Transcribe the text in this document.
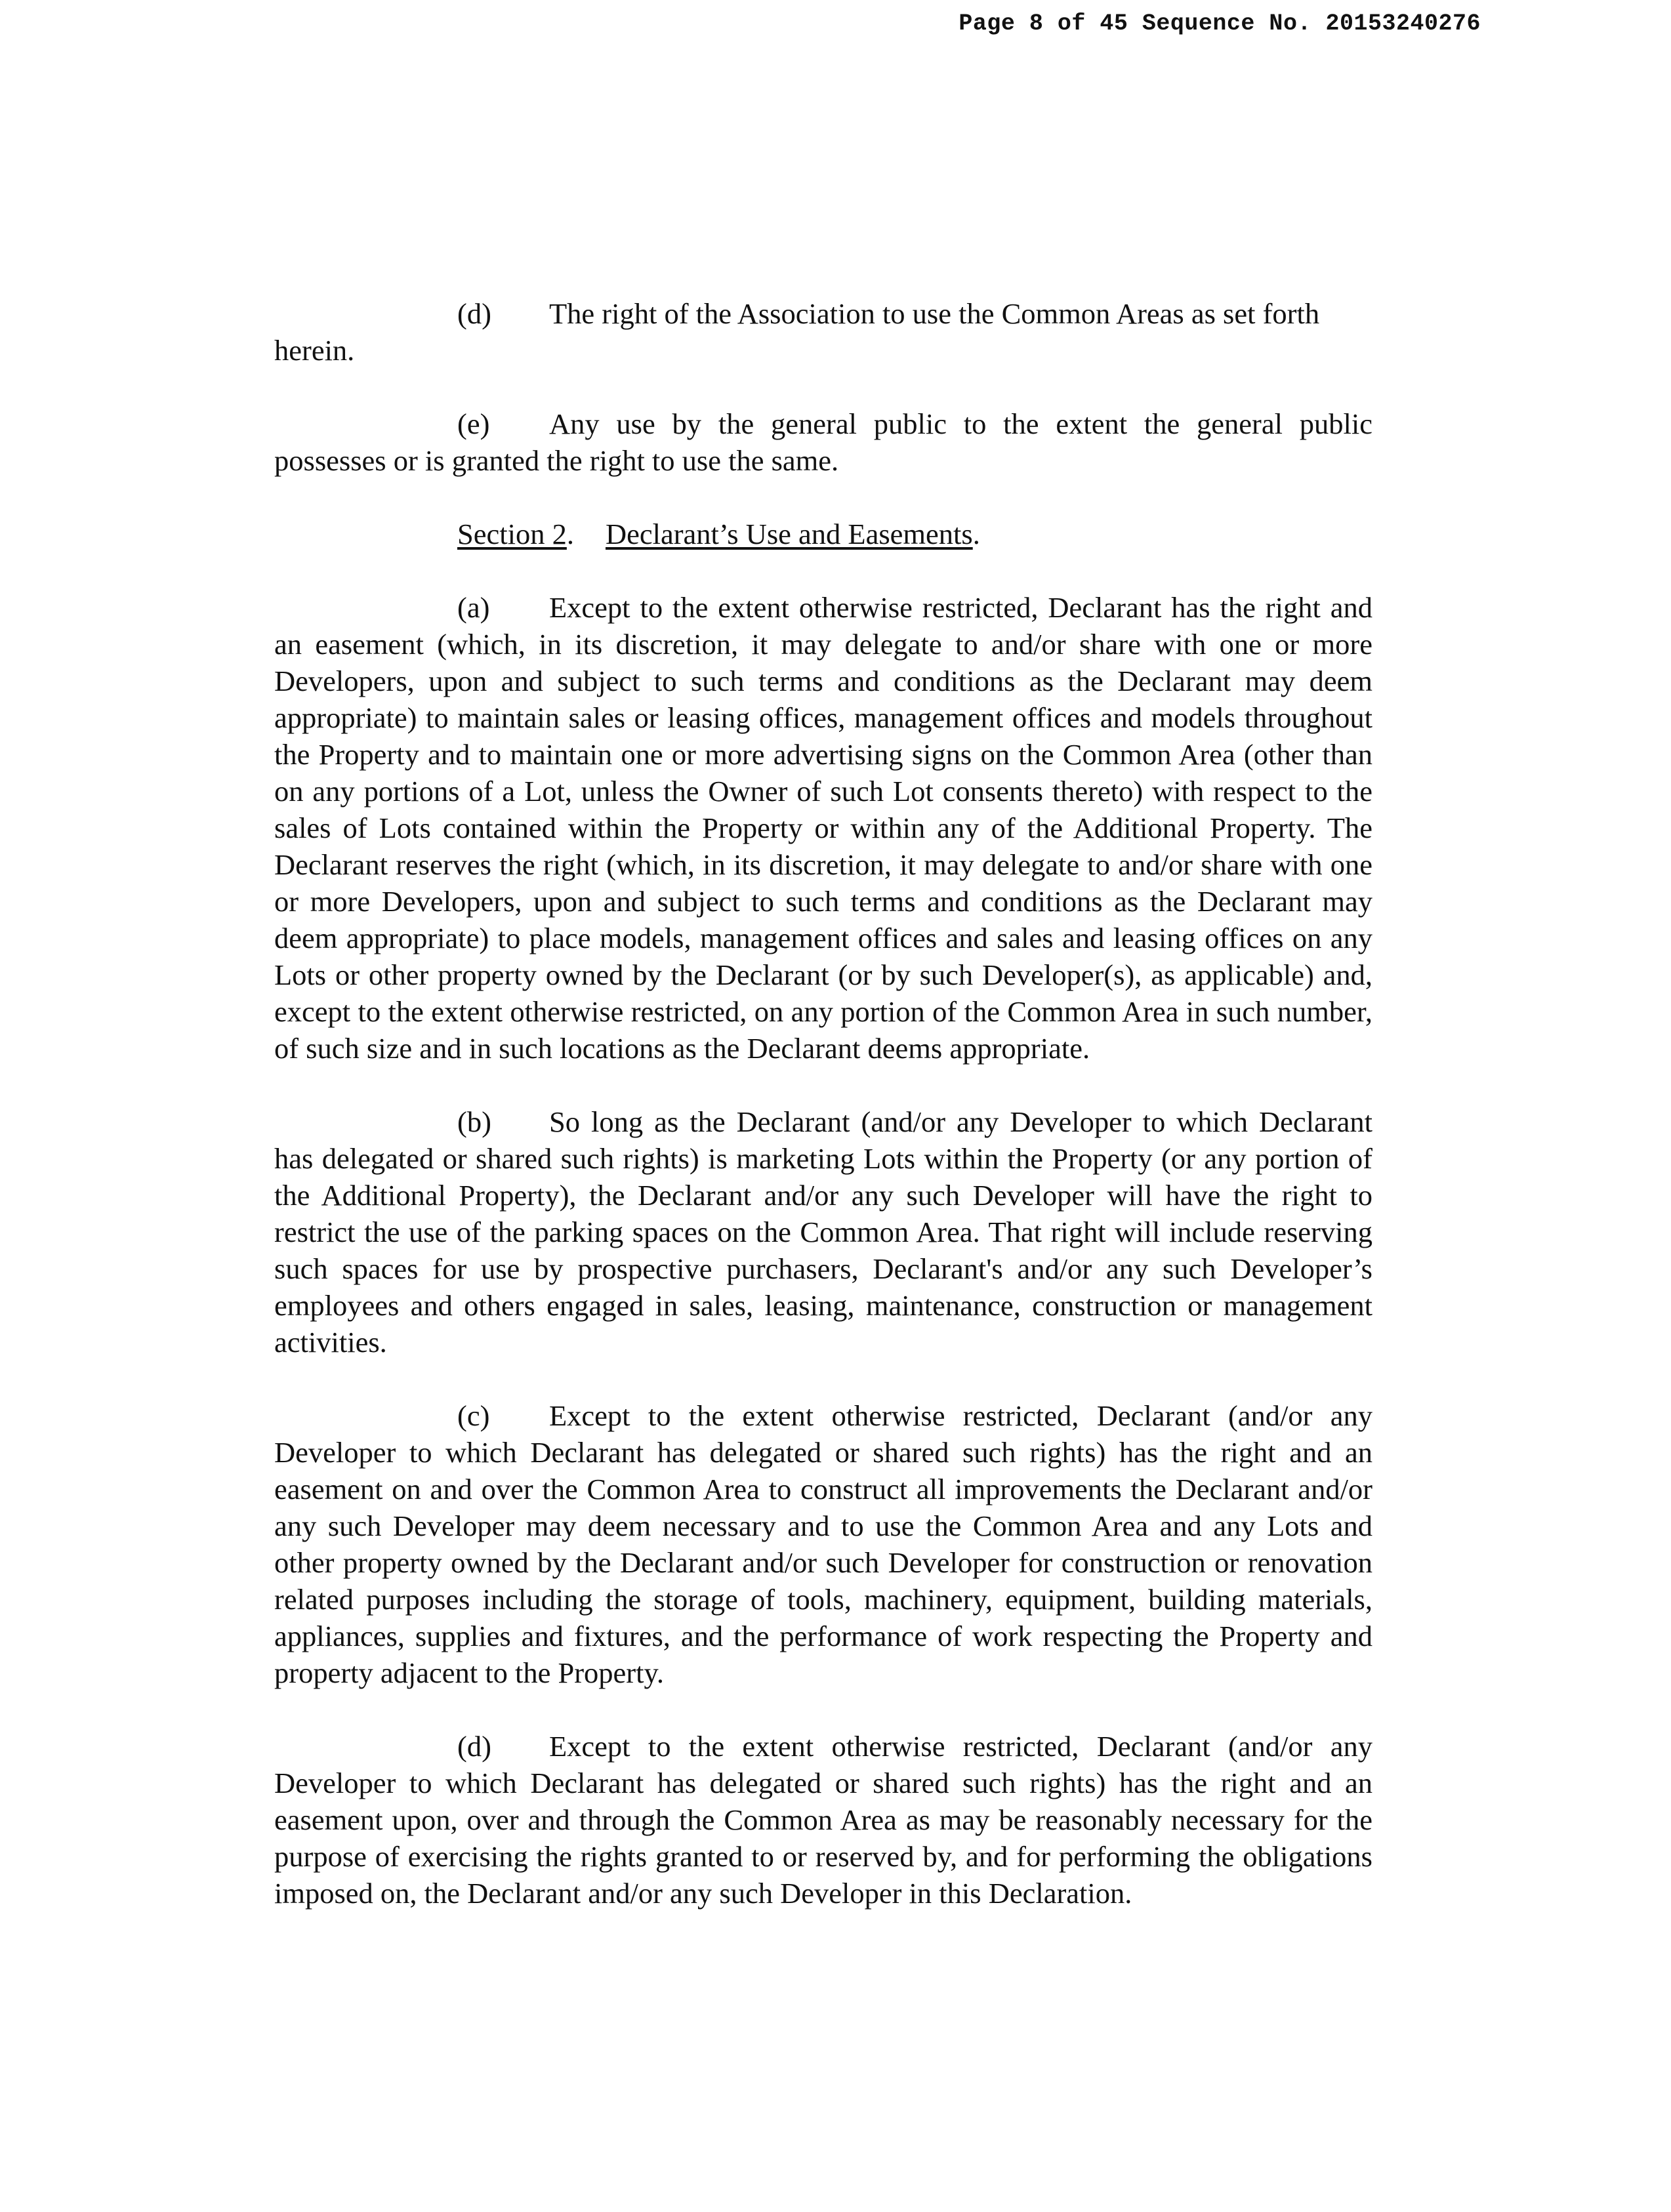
Page 8 of 45 Sequence No. 20153240276

(d) The right of the Association to use the Common Areas as set forth
herein.

(e) Any use by the general public to the extent the general public possesses or is granted the right to use the same.

Section 2. Declarant’s Use and Easements.

(a) Except to the extent otherwise restricted, Declarant has the right and an easement (which, in its discretion, it may delegate to and/or share with one or more Developers, upon and subject to such terms and conditions as the Declarant may deem appropriate) to maintain sales or leasing offices, management offices and models throughout the Property and to maintain one or more advertising signs on the Common Area (other than on any portions of a Lot, unless the Owner of such Lot consents thereto) with respect to the sales of Lots contained within the Property or within any of the Additional Property. The Declarant reserves the right (which, in its discretion, it may delegate to and/or share with one or more Developers, upon and subject to such terms and conditions as the Declarant may deem appropriate) to place models, management offices and sales and leasing offices on any Lots or other property owned by the Declarant (or by such Developer(s), as applicable) and, except to the extent otherwise restricted, on any portion of the Common Area in such number, of such size and in such locations as the Declarant deems appropriate.

(b) So long as the Declarant (and/or any Developer to which Declarant has delegated or shared such rights) is marketing Lots within the Property (or any portion of the Additional Property), the Declarant and/or any such Developer will have the right to restrict the use of the parking spaces on the Common Area. That right will include reserving such spaces for use by prospective purchasers, Declarant's and/or any such Developer’s employees and others engaged in sales, leasing, maintenance, construction or management activities.

(c) Except to the extent otherwise restricted, Declarant (and/or any Developer to which Declarant has delegated or shared such rights) has the right and an easement on and over the Common Area to construct all improvements the Declarant and/or any such Developer may deem necessary and to use the Common Area and any Lots and other property owned by the Declarant and/or such Developer for construction or renovation related purposes including the storage of tools, machinery, equipment, building materials, appliances, supplies and fixtures, and the performance of work respecting the Property and property adjacent to the Property.

(d) Except to the extent otherwise restricted, Declarant (and/or any Developer to which Declarant has delegated or shared such rights) has the right and an easement upon, over and through the Common Area as may be reasonably necessary for the purpose of exercising the rights granted to or reserved by, and for performing the obligations imposed on, the Declarant and/or any such Developer in this Declaration.
